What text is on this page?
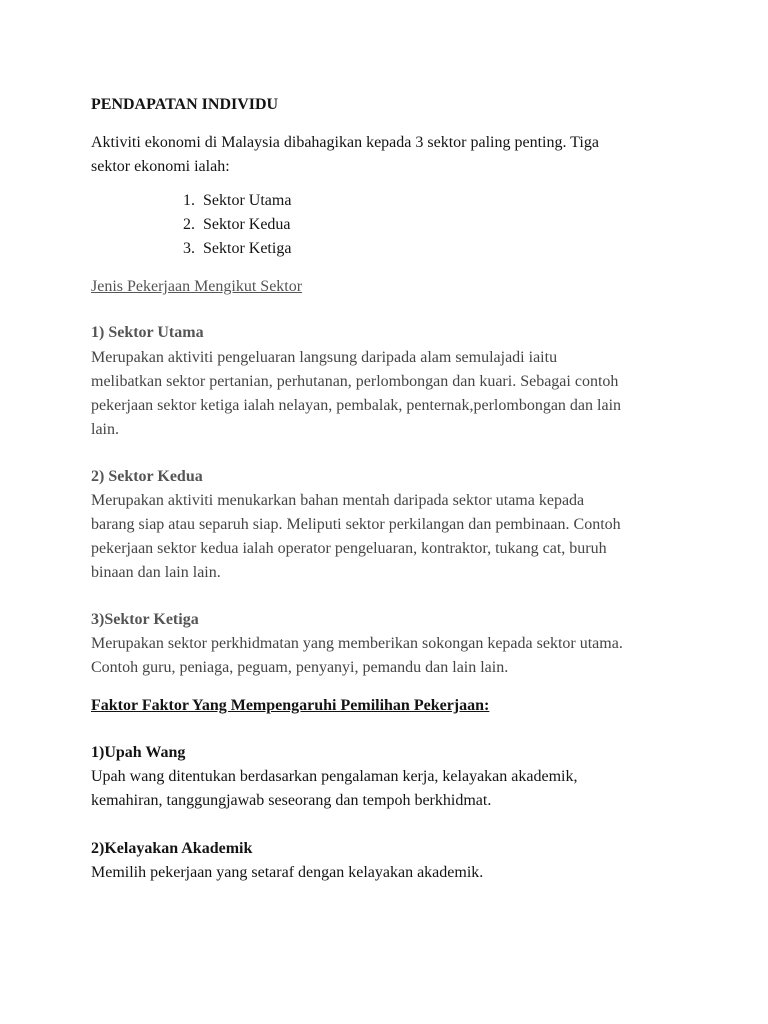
PENDAPATAN INDIVIDU
Aktiviti ekonomi di Malaysia dibahagikan kepada 3 sektor paling penting. Tiga
sektor ekonomi ialah:
1. Sektor Utama
2. Sektor Kedua
3. Sektor Ketiga
Jenis Pekerjaan Mengikut Sektor
1) Sektor Utama
Merupakan aktiviti pengeluaran langsung daripada alam semulajadi iaitu
melibatkan sektor pertanian, perhutanan, perlombongan dan kuari. Sebagai contoh
pekerjaan sektor ketiga ialah nelayan, pembalak, penternak,perlombongan dan lain
lain.
2) Sektor Kedua
Merupakan aktiviti menukarkan bahan mentah daripada sektor utama kepada
barang siap atau separuh siap. Meliputi sektor perkilangan dan pembinaan. Contoh
pekerjaan sektor kedua ialah operator pengeluaran, kontraktor, tukang cat, buruh
binaan dan lain lain.
3)Sektor Ketiga
Merupakan sektor perkhidmatan yang memberikan sokongan kepada sektor utama.
Contoh guru, peniaga, peguam, penyanyi, pemandu dan lain lain.
Faktor Faktor Yang Mempengaruhi Pemilihan Pekerjaan:
1)Upah Wang
Upah wang ditentukan berdasarkan pengalaman kerja, kelayakan akademik,
kemahiran, tanggungjawab seseorang dan tempoh berkhidmat.
2)Kelayakan Akademik
Memilih pekerjaan yang setaraf dengan kelayakan akademik.
